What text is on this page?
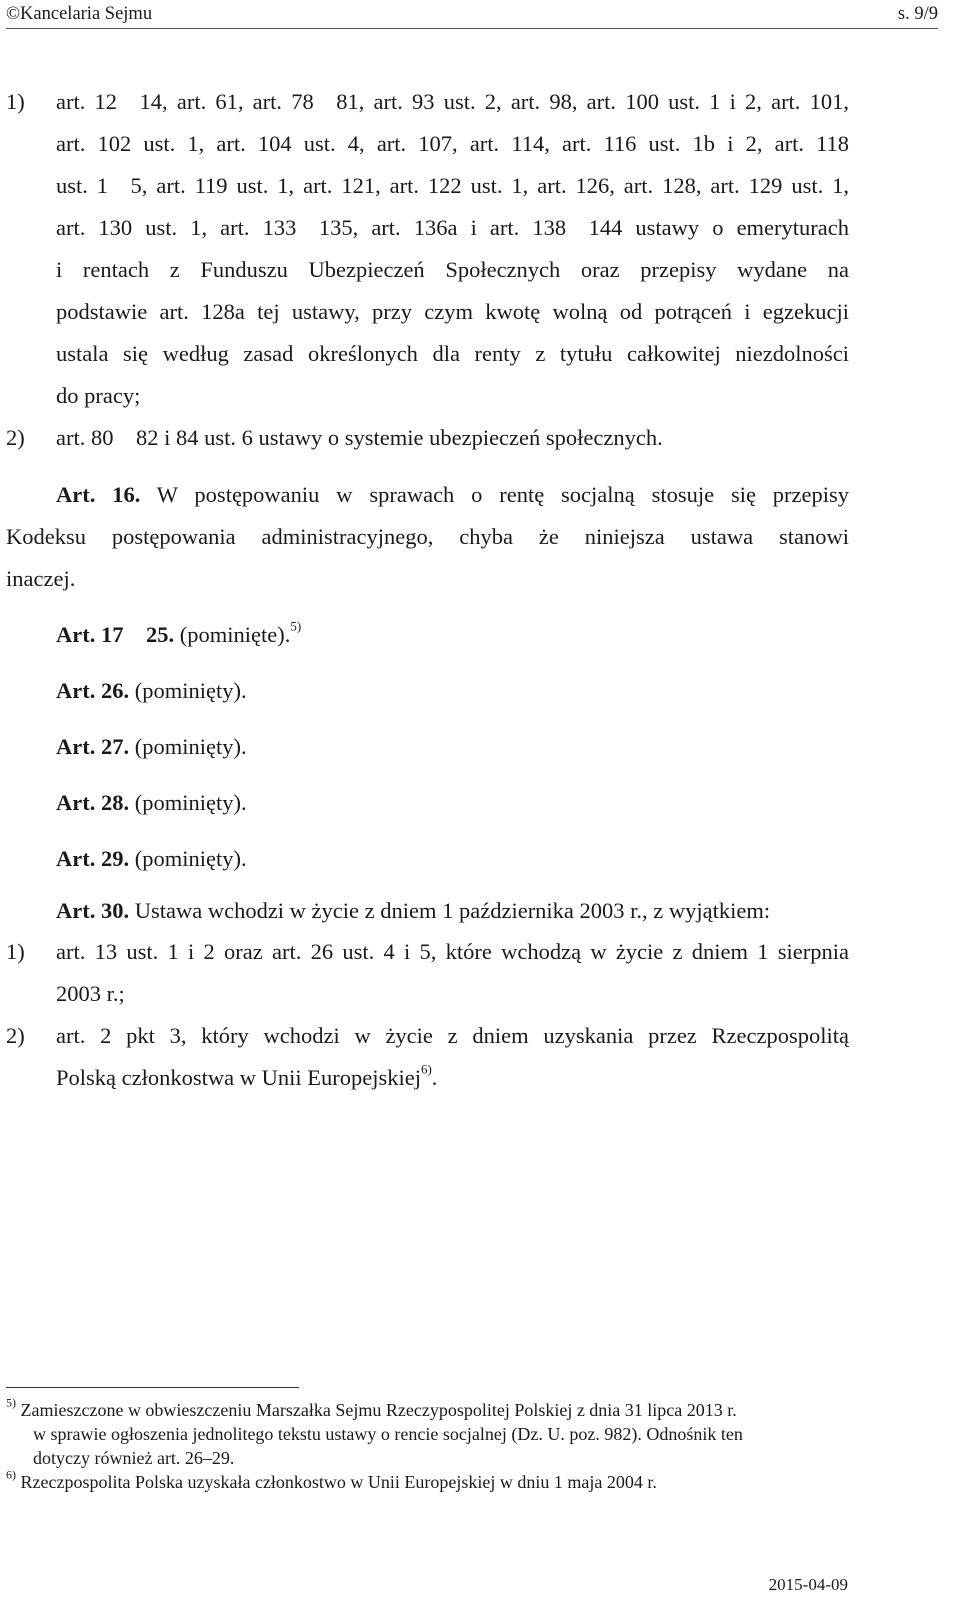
©Kancelaria Sejmu	s. 9/9
1) art. 12 14, art. 61, art. 78 81, art. 93 ust. 2, art. 98, art. 100 ust. 1 i 2, art. 101,
art. 102 ust. 1, art. 104 ust. 4, art. 107, art. 114, art. 116 ust. 1b i 2, art. 118
ust. 1 5, art. 119 ust. 1, art. 121, art. 122 ust. 1, art. 126, art. 128, art. 129 ust. 1,
art. 130 ust. 1, art. 133 135, art. 136a i art. 138 144 ustawy o emeryturach
i rentach z Funduszu Ubezpieczeń Społecznych oraz przepisy wydane na
podstawie art. 128a tej ustawy, przy czym kwotę wolną od potrąceń i egzekucji
ustala się według zasad określonych dla renty z tytułu całkowitej niezdolności
do pracy;
2) art. 80 82 i 84 ust. 6 ustawy o systemie ubezpieczeń społecznych.
Art. 16. W postępowaniu w sprawach o rentę socjalną stosuje się przepisy
Kodeksu postępowania administracyjnego, chyba że niniejsza ustawa stanowi
inaczej.
Art. 17 25. (pominięte).$^{5)}$
Art. 26. (pominięty).
Art. 27. (pominięty).
Art. 28. (pominięty).
Art. 29. (pominięty).
Art. 30. Ustawa wchodzi w życie z dniem 1 października 2003 r., z wyjątkiem:
1) art. 13 ust. 1 i 2 oraz art. 26 ust. 4 i 5, które wchodzą w życie z dniem 1 sierpnia
2003 r.;
2) art. 2 pkt 3, który wchodzi w życie z dniem uzyskania przez Rzeczpospolitą
Polską członkostwa w Unii Europejskiej$^{6)}$.
$^{5)}$ Zamieszczone w obwieszczeniu Marszałka Sejmu Rzeczypospolitej Polskiej z dnia 31 lipca 2013 r.
w sprawie ogłoszenia jednolitego tekstu ustawy o rencie socjalnej (Dz. U. poz. 982). Odnośnik ten
dotyczy również art. 26–29.
$^{6)}$ Rzeczpospolita Polska uzyskała członkostwo w Unii Europejskiej w dniu 1 maja 2004 r.
2015-04-09
